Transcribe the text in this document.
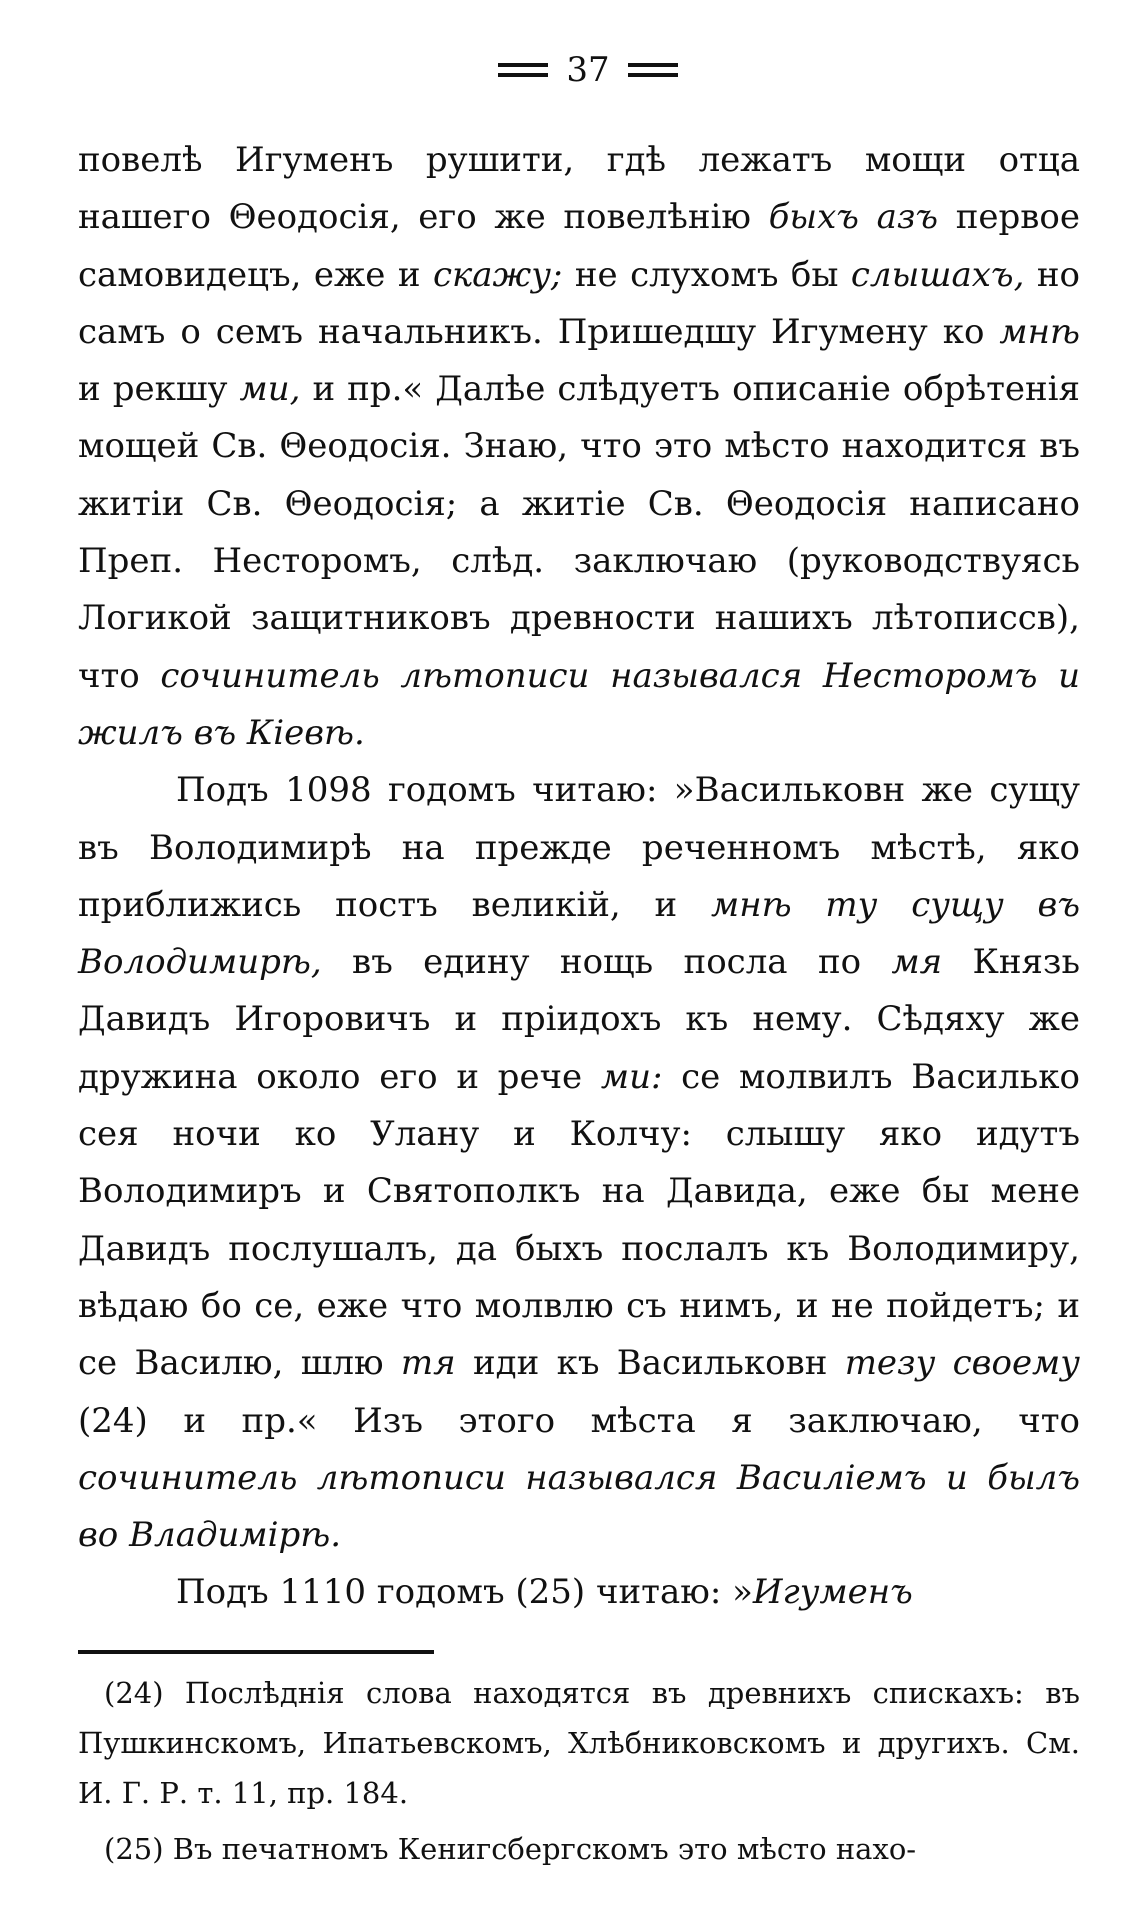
37

повелѣ Игуменъ рушити, гдѣ лежатъ мощи отца нашего Θеодосія, его же повелѣнію быхъ азъ первое самовидецъ, еже и скажу; не слухомъ бы слышахъ, но самъ о семъ начальникъ. Пришедшу Игумену ко мнѣ и рекшу ми, и пр.« Далѣе слѣдуетъ описаніе обрѣтенія мощей Св. Θеодосія. Знаю, что это мѣсто находится въ житіи Св. Θеодосія; а житіе Св. Θеодосія написано Преп. Несторомъ, слѣд. заключаю (руководствуясь Логикой защитниковъ древности нашихъ лѣтописсв), что сочинитель лѣтописи назывался Несторомъ и жилъ въ Кіевѣ.

Подъ 1098 годомъ читаю: »Васильковн же сущу въ Володимирѣ на прежде реченномъ мѣстѣ, яко приближись постъ великій, и мнѣ ту сущу въ Володимирѣ, въ едину нощь посла по мя Князь Давидъ Игоровичъ и пріидохъ къ нему. Сѣдяху же дружина около его и рече ми: се молвилъ Василько сея ночи ко Улану и Колчу: слышу яко идутъ Володимиръ и Святополкъ на Давида, еже бы мене Давидъ послушалъ, да быхъ послалъ къ Володимиру, вѣдаю бо се, еже что молвлю съ нимъ, и не пойдетъ; и се Василю, шлю тя иди къ Васильковн тезу своему (24) и пр.« Изъ этого мѣста я заключаю, что сочинитель лѣтописи назывался Василіемъ и былъ во Владимірѣ.

Подъ 1110 годомъ (25) читаю: »Игуменъ

(24) Послѣднія слова находятся въ древнихъ спискахъ: въ Пушкинскомъ, Ипатьевскомъ, Хлѣбниковскомъ и другихъ. См. И. Г. Р. т. 11, пр. 184.

(25) Въ печатномъ Кенигсбергскомъ это мѣсто нахо-
